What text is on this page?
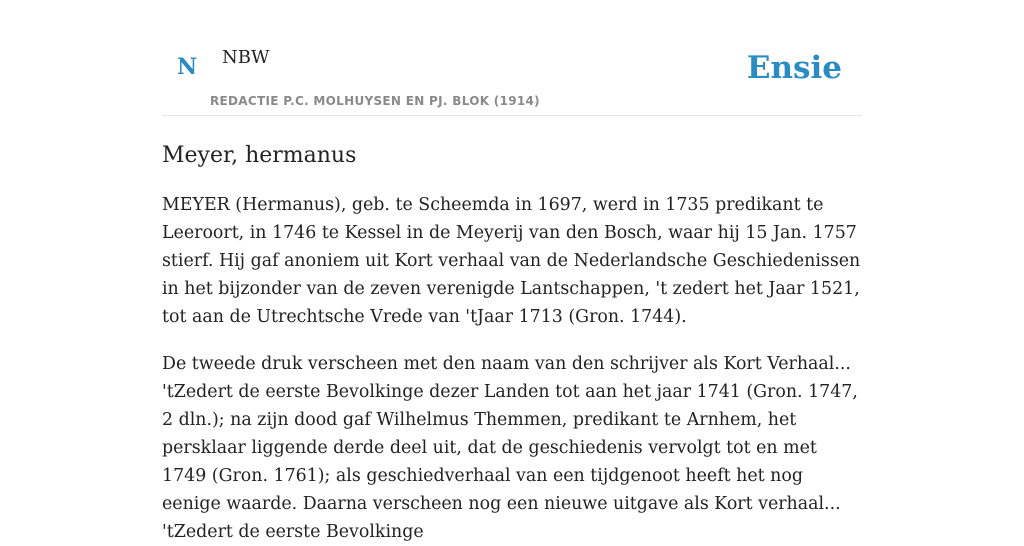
N NBW
REDACTIE P.C. MOLHUYSEN EN PJ. BLOK (1914)
Ensie
Meyer, hermanus

MEYER (Hermanus), geb. te Scheemda in 1697, werd in 1735 predikant te Leeroort, in 1746 te Kessel in de Meyerij van den Bosch, waar hij 15 Jan. 1757 stierf. Hij gaf anoniem uit Kort verhaal van de Nederlandsche Geschiedenissen in het bijzonder van de zeven verenigde Lantschappen, 't zedert het Jaar 1521, tot aan de Utrechtsche Vrede van 'tJaar 1713 (Gron. 1744).

De tweede druk verscheen met den naam van den schrijver als Kort Verhaal... 'tZedert de eerste Bevolkinge dezer Landen tot aan het jaar 1741 (Gron. 1747, 2 dln.); na zijn dood gaf Wilhelmus Themmen, predikant te Arnhem, het persklaar liggende derde deel uit, dat de geschiedenis vervolgt tot en met 1749 (Gron. 1761); als geschiedverhaal van een tijdgenoot heeft het nog eenige waarde. Daarna verscheen nog een nieuwe uitgave als Kort verhaal... 'tZedert de eerste Bevolkinge
